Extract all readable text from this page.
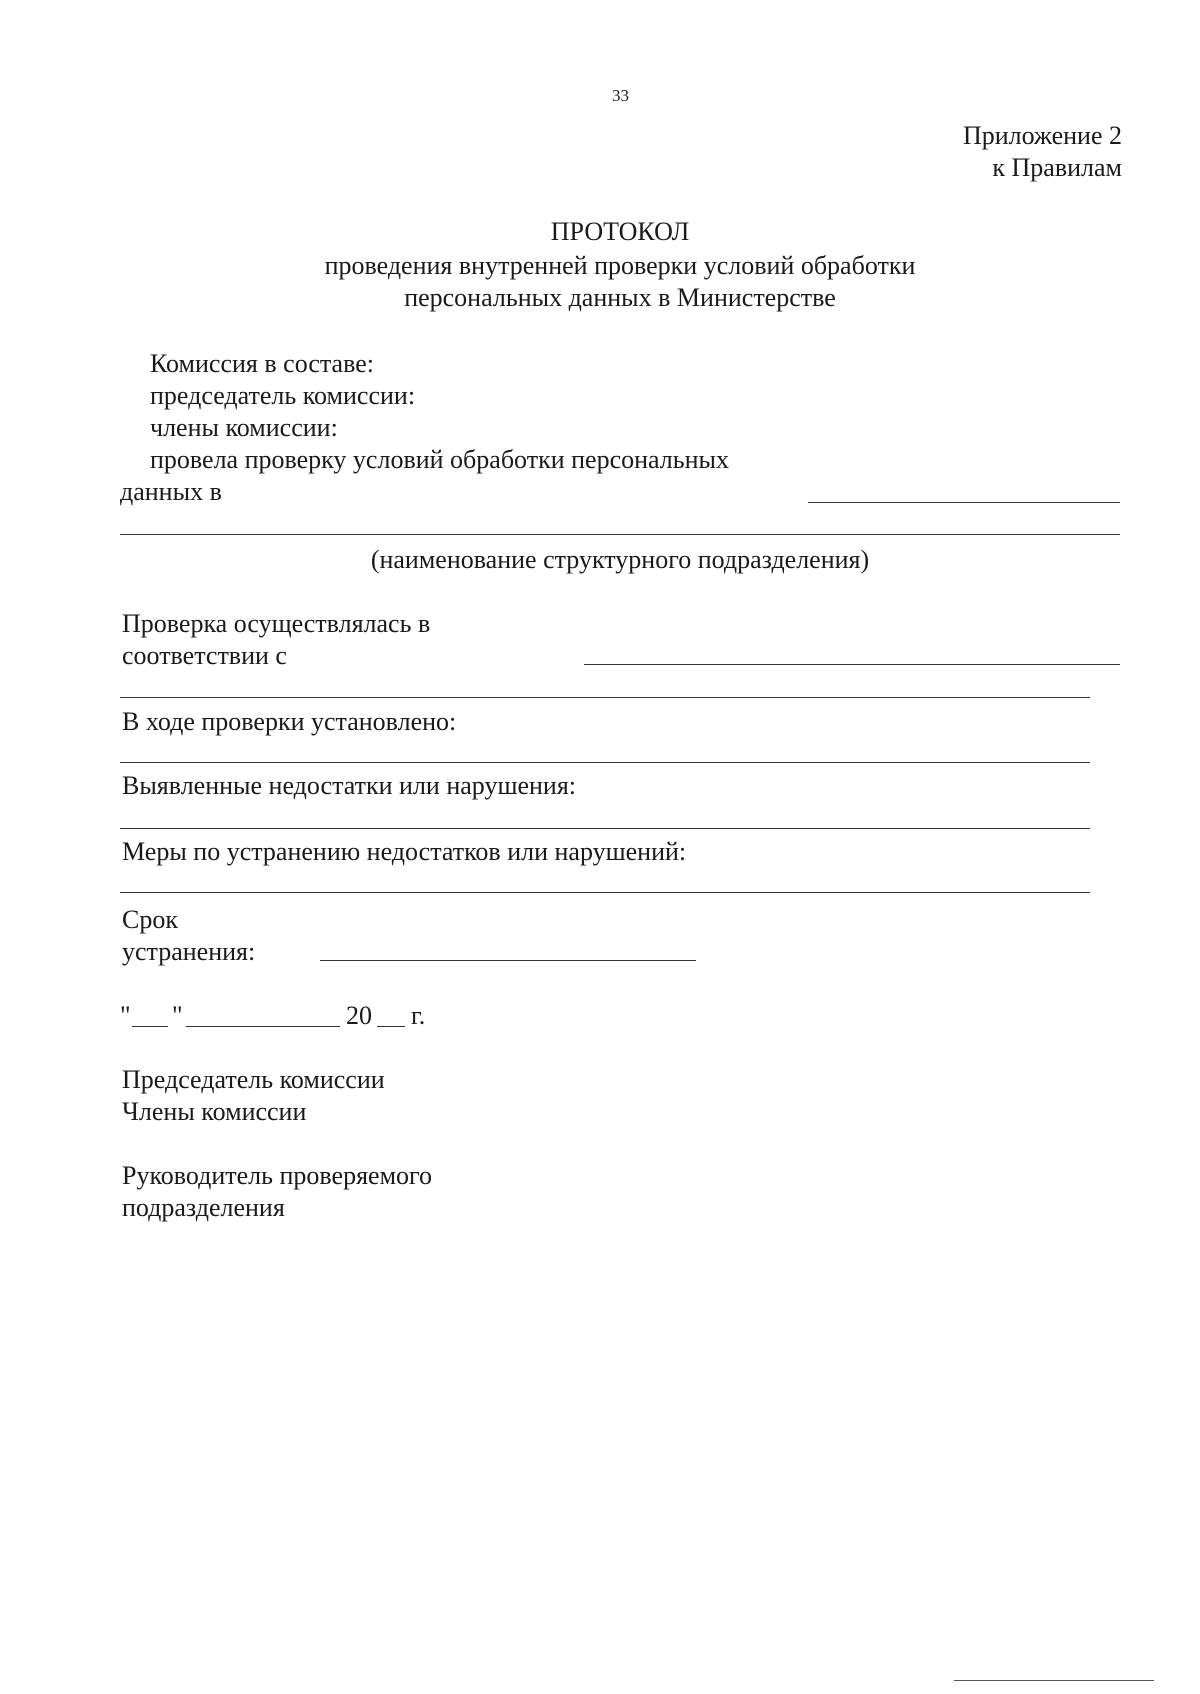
33
Приложение 2
к Правилам
ПРОТОКОЛ
проведения внутренней проверки условий обработки
персональных данных в Министерстве
Комиссия в составе:
председатель комиссии:
члены комиссии:
провела проверку условий обработки персональных
данных в
(наименование структурного подразделения)
Проверка осуществлялась в
соответствии с
В ходе проверки установлено:
Выявленные недостатки или нарушения:
Меры по устранению недостатков или нарушений:
Срок
устранения:
" "	20 г.
Председатель комиссии
Члены комиссии
Руководитель проверяемого
подразделения
